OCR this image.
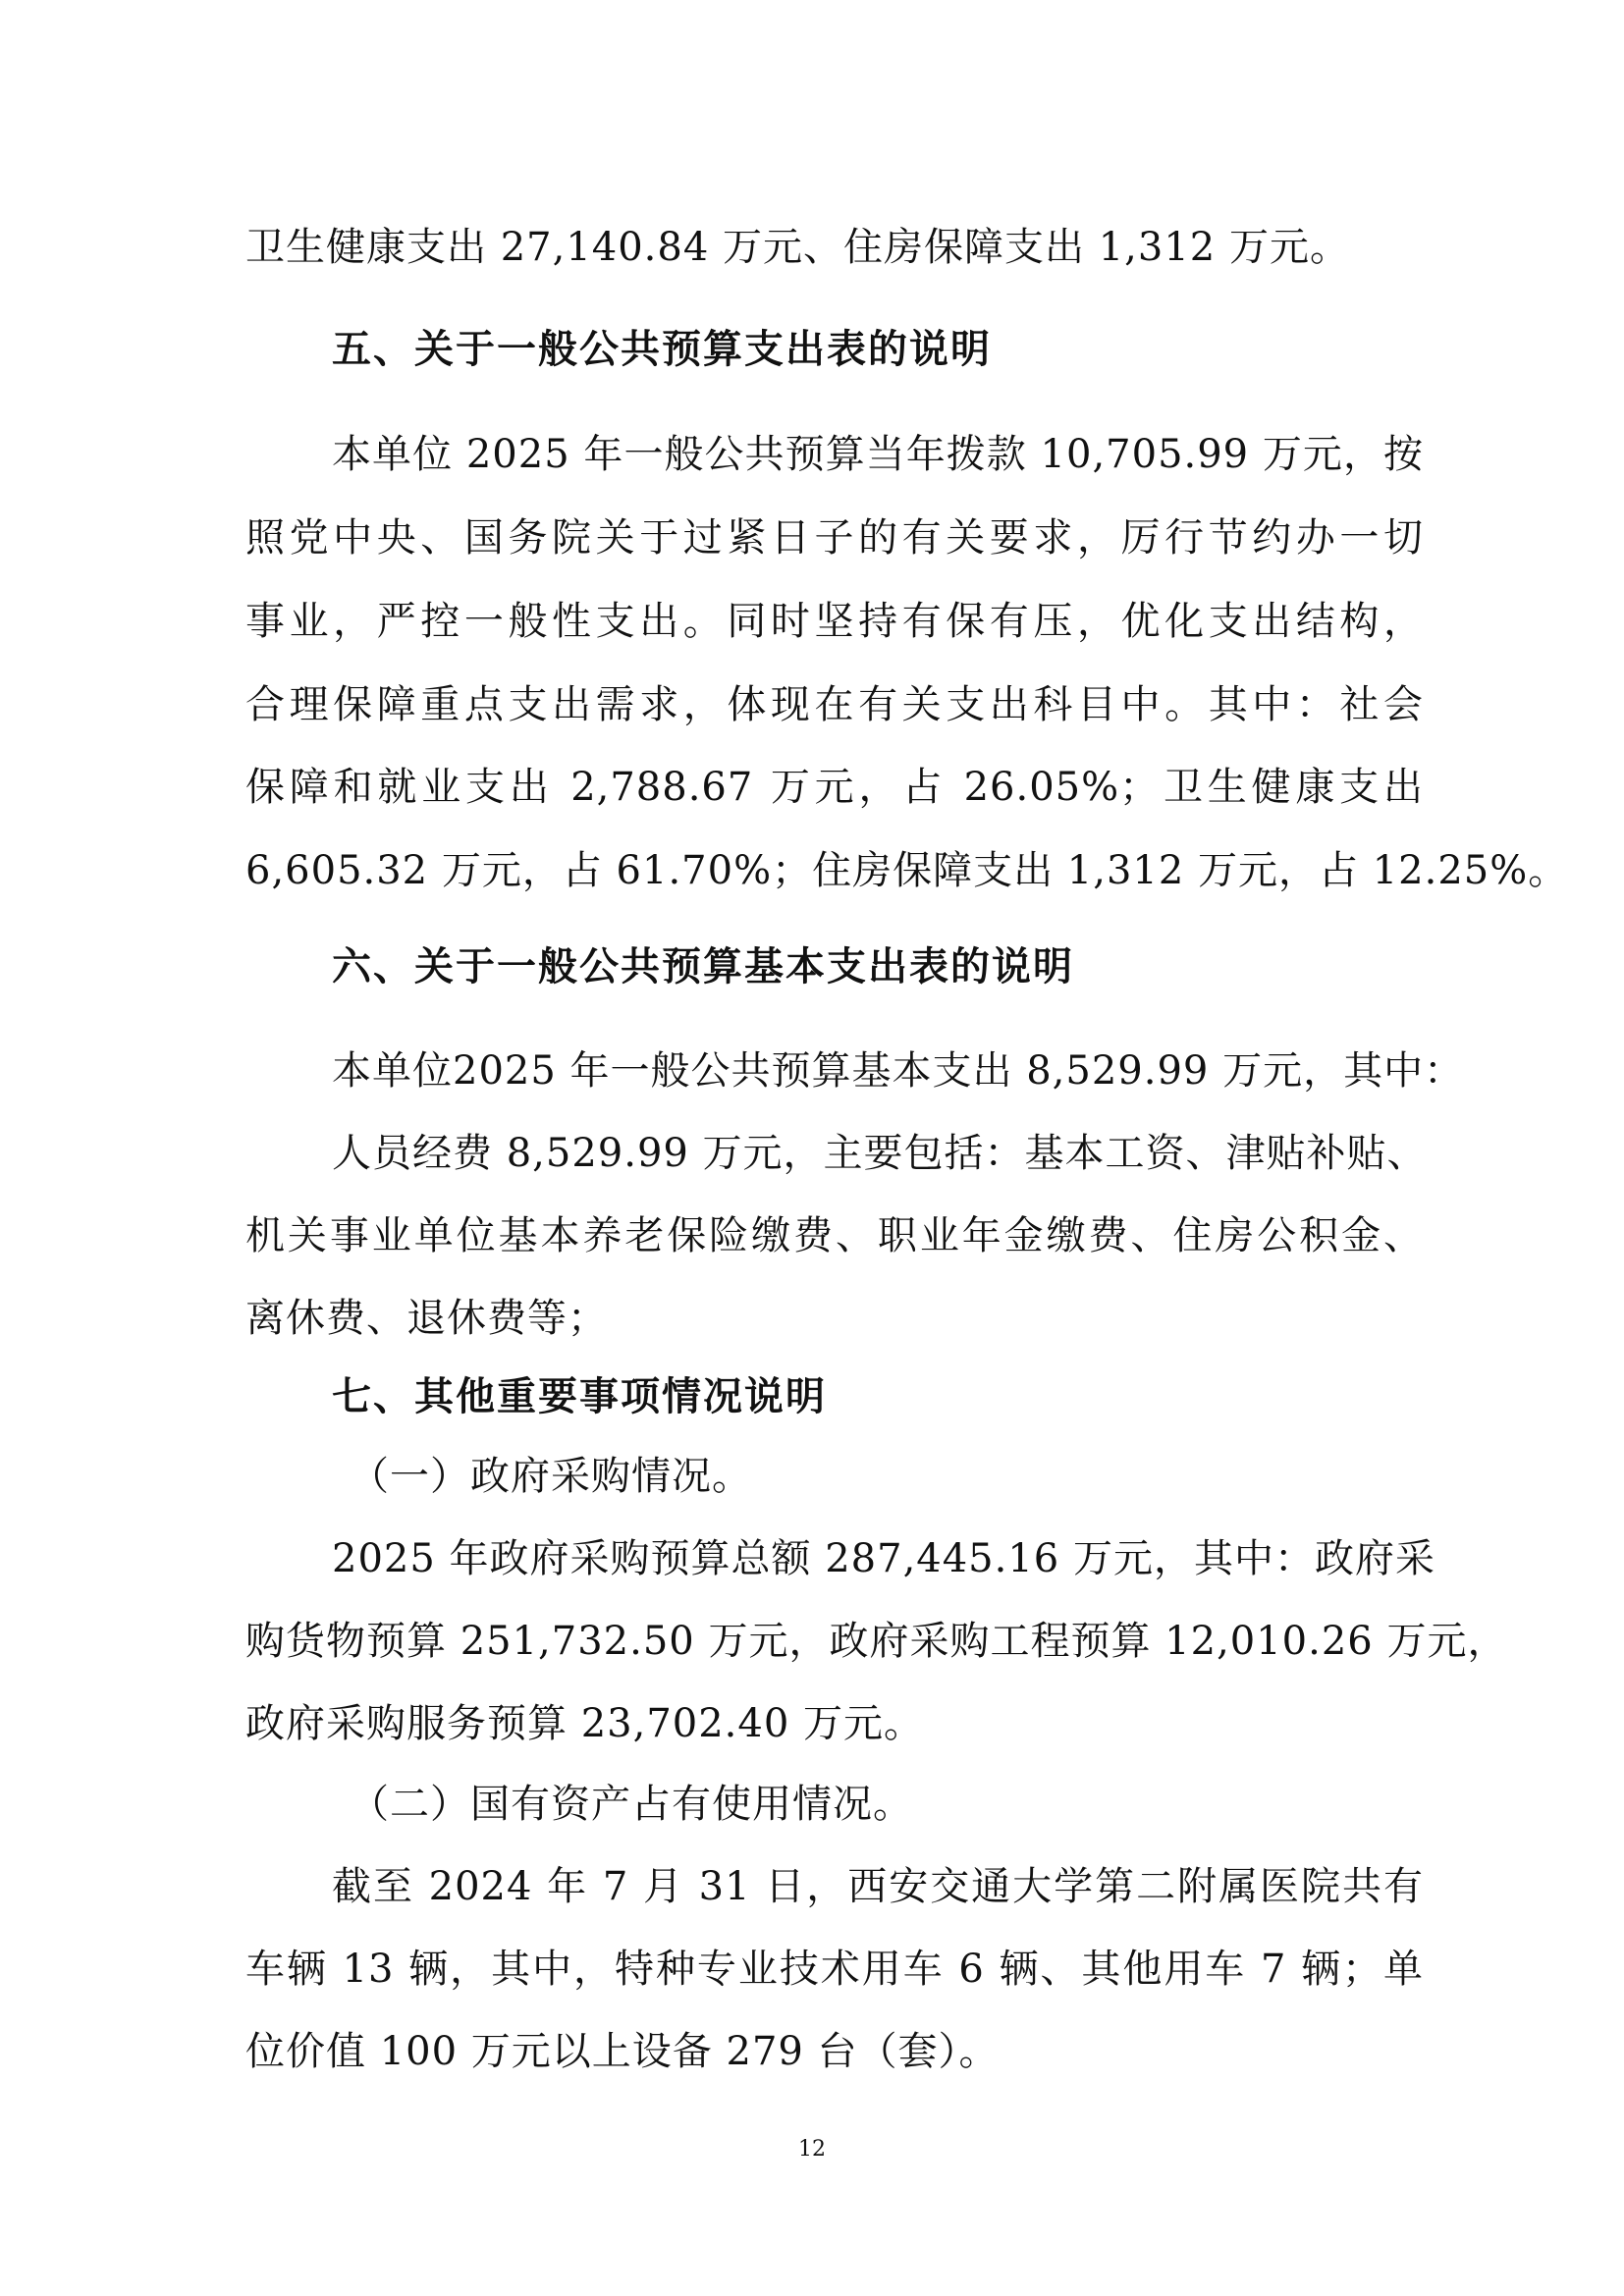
卫生健康支出 27,140.84 万元、住房保障支出 1,312 万元。
五、关于一般公共预算支出表的说明
本单位 2025 年一般公共预算当年拨款 10,705.99 万元，按
照党中央、国务院关于过紧日子的有关要求，厉行节约办一切
事业，严控一般性支出。同时坚持有保有压，优化支出结构，
合理保障重点支出需求，体现在有关支出科目中。其中：社会
保障和就业支出 2,788.67 万元，占 26.05%；卫生健康支出
6,605.32 万元，占 61.70%；住房保障支出 1,312 万元，占 12.25%。
六、关于一般公共预算基本支出表的说明
本单位2025 年一般公共预算基本支出 8,529.99 万元，其中：
人员经费 8,529.99 万元，主要包括：基本工资、津贴补贴、
机关事业单位基本养老保险缴费、职业年金缴费、住房公积金、
离休费、退休费等；
七、其他重要事项情况说明
（一）政府采购情况。
2025 年政府采购预算总额 287,445.16 万元，其中：政府采
购货物预算 251,732.50 万元，政府采购工程预算 12,010.26 万元，
政府采购服务预算 23,702.40 万元。
（二）国有资产占有使用情况。
截至 2024 年 7 月 31 日，西安交通大学第二附属医院共有
车辆 13 辆，其中，特种专业技术用车 6 辆、其他用车 7 辆；单
位价值 100 万元以上设备 279 台（套）。
12
